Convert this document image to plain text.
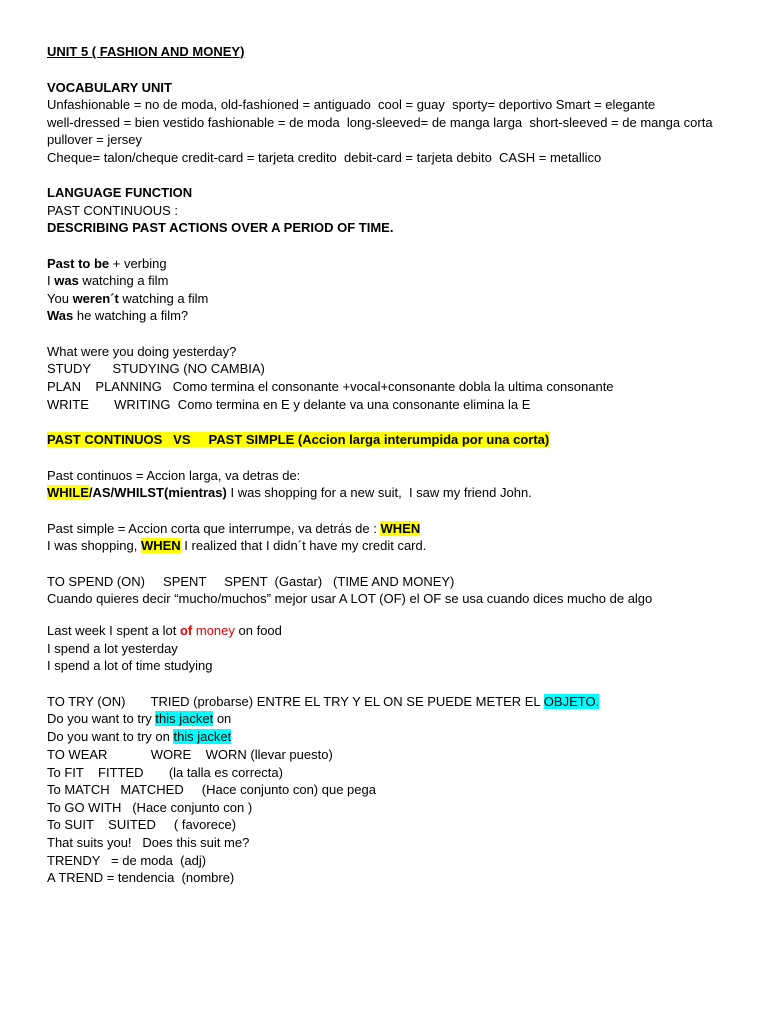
UNIT 5 ( FASHION AND MONEY)
VOCABULARY UNIT
Unfashionable = no de moda, old-fashioned = antiguado  cool = guay  sporty= deportivo Smart = elegante
well-dressed = bien vestido fashionable = de moda  long-sleeved= de manga larga  short-sleeved = de manga corta
pullover = jersey
Cheque= talon/cheque credit-card = tarjeta credito  debit-card = tarjeta debito  CASH = metallico
LANGUAGE FUNCTION
PAST CONTINUOUS :
DESCRIBING PAST ACTIONS OVER A PERIOD OF TIME.
Past to be + verbing
I was watching a film
You weren´t watching a film
Was he watching a film?
What were you doing yesterday?
STUDY      STUDYING (NO CAMBIA)
PLAN    PLANNING   Como termina el consonante +vocal+consonante dobla la ultima consonante
WRITE       WRITING  Como termina en E y delante va una consonante elimina la E
PAST CONTINUOS   VS     PAST SIMPLE (Accion larga interumpida por una corta)
Past continuos = Accion larga, va detras de:
WHILE/AS/WHILST(mientras) I was shopping for a new suit,  I saw my friend John.
Past simple = Accion corta que interrumpe, va detrás de : WHEN
I was shopping, WHEN I realized that I didn´t have my credit card.
TO SPEND (ON)     SPENT     SPENT  (Gastar)   (TIME AND MONEY)
Cuando quieres decir “mucho/muchos” mejor usar A LOT (OF) el OF se usa cuando dices mucho de algo
Last week I spent a lot of money on food
I spend a lot yesterday
I spend a lot of time studying
TO TRY (ON)       TRIED (probarse) ENTRE EL TRY Y EL ON SE PUEDE METER EL OBJETO.
Do you want to try this jacket on
Do you want to try on this jacket
TO WEAR            WORE    WORN (llevar puesto)
To FIT    FITTED       (la talla es correcta)
To MATCH   MATCHED     (Hace conjunto con) que pega
To GO WITH   (Hace conjunto con )
To SUIT    SUITED     ( favorece)
That suits you!   Does this suit me?
TRENDY   = de moda  (adj)
A TREND = tendencia  (nombre)
